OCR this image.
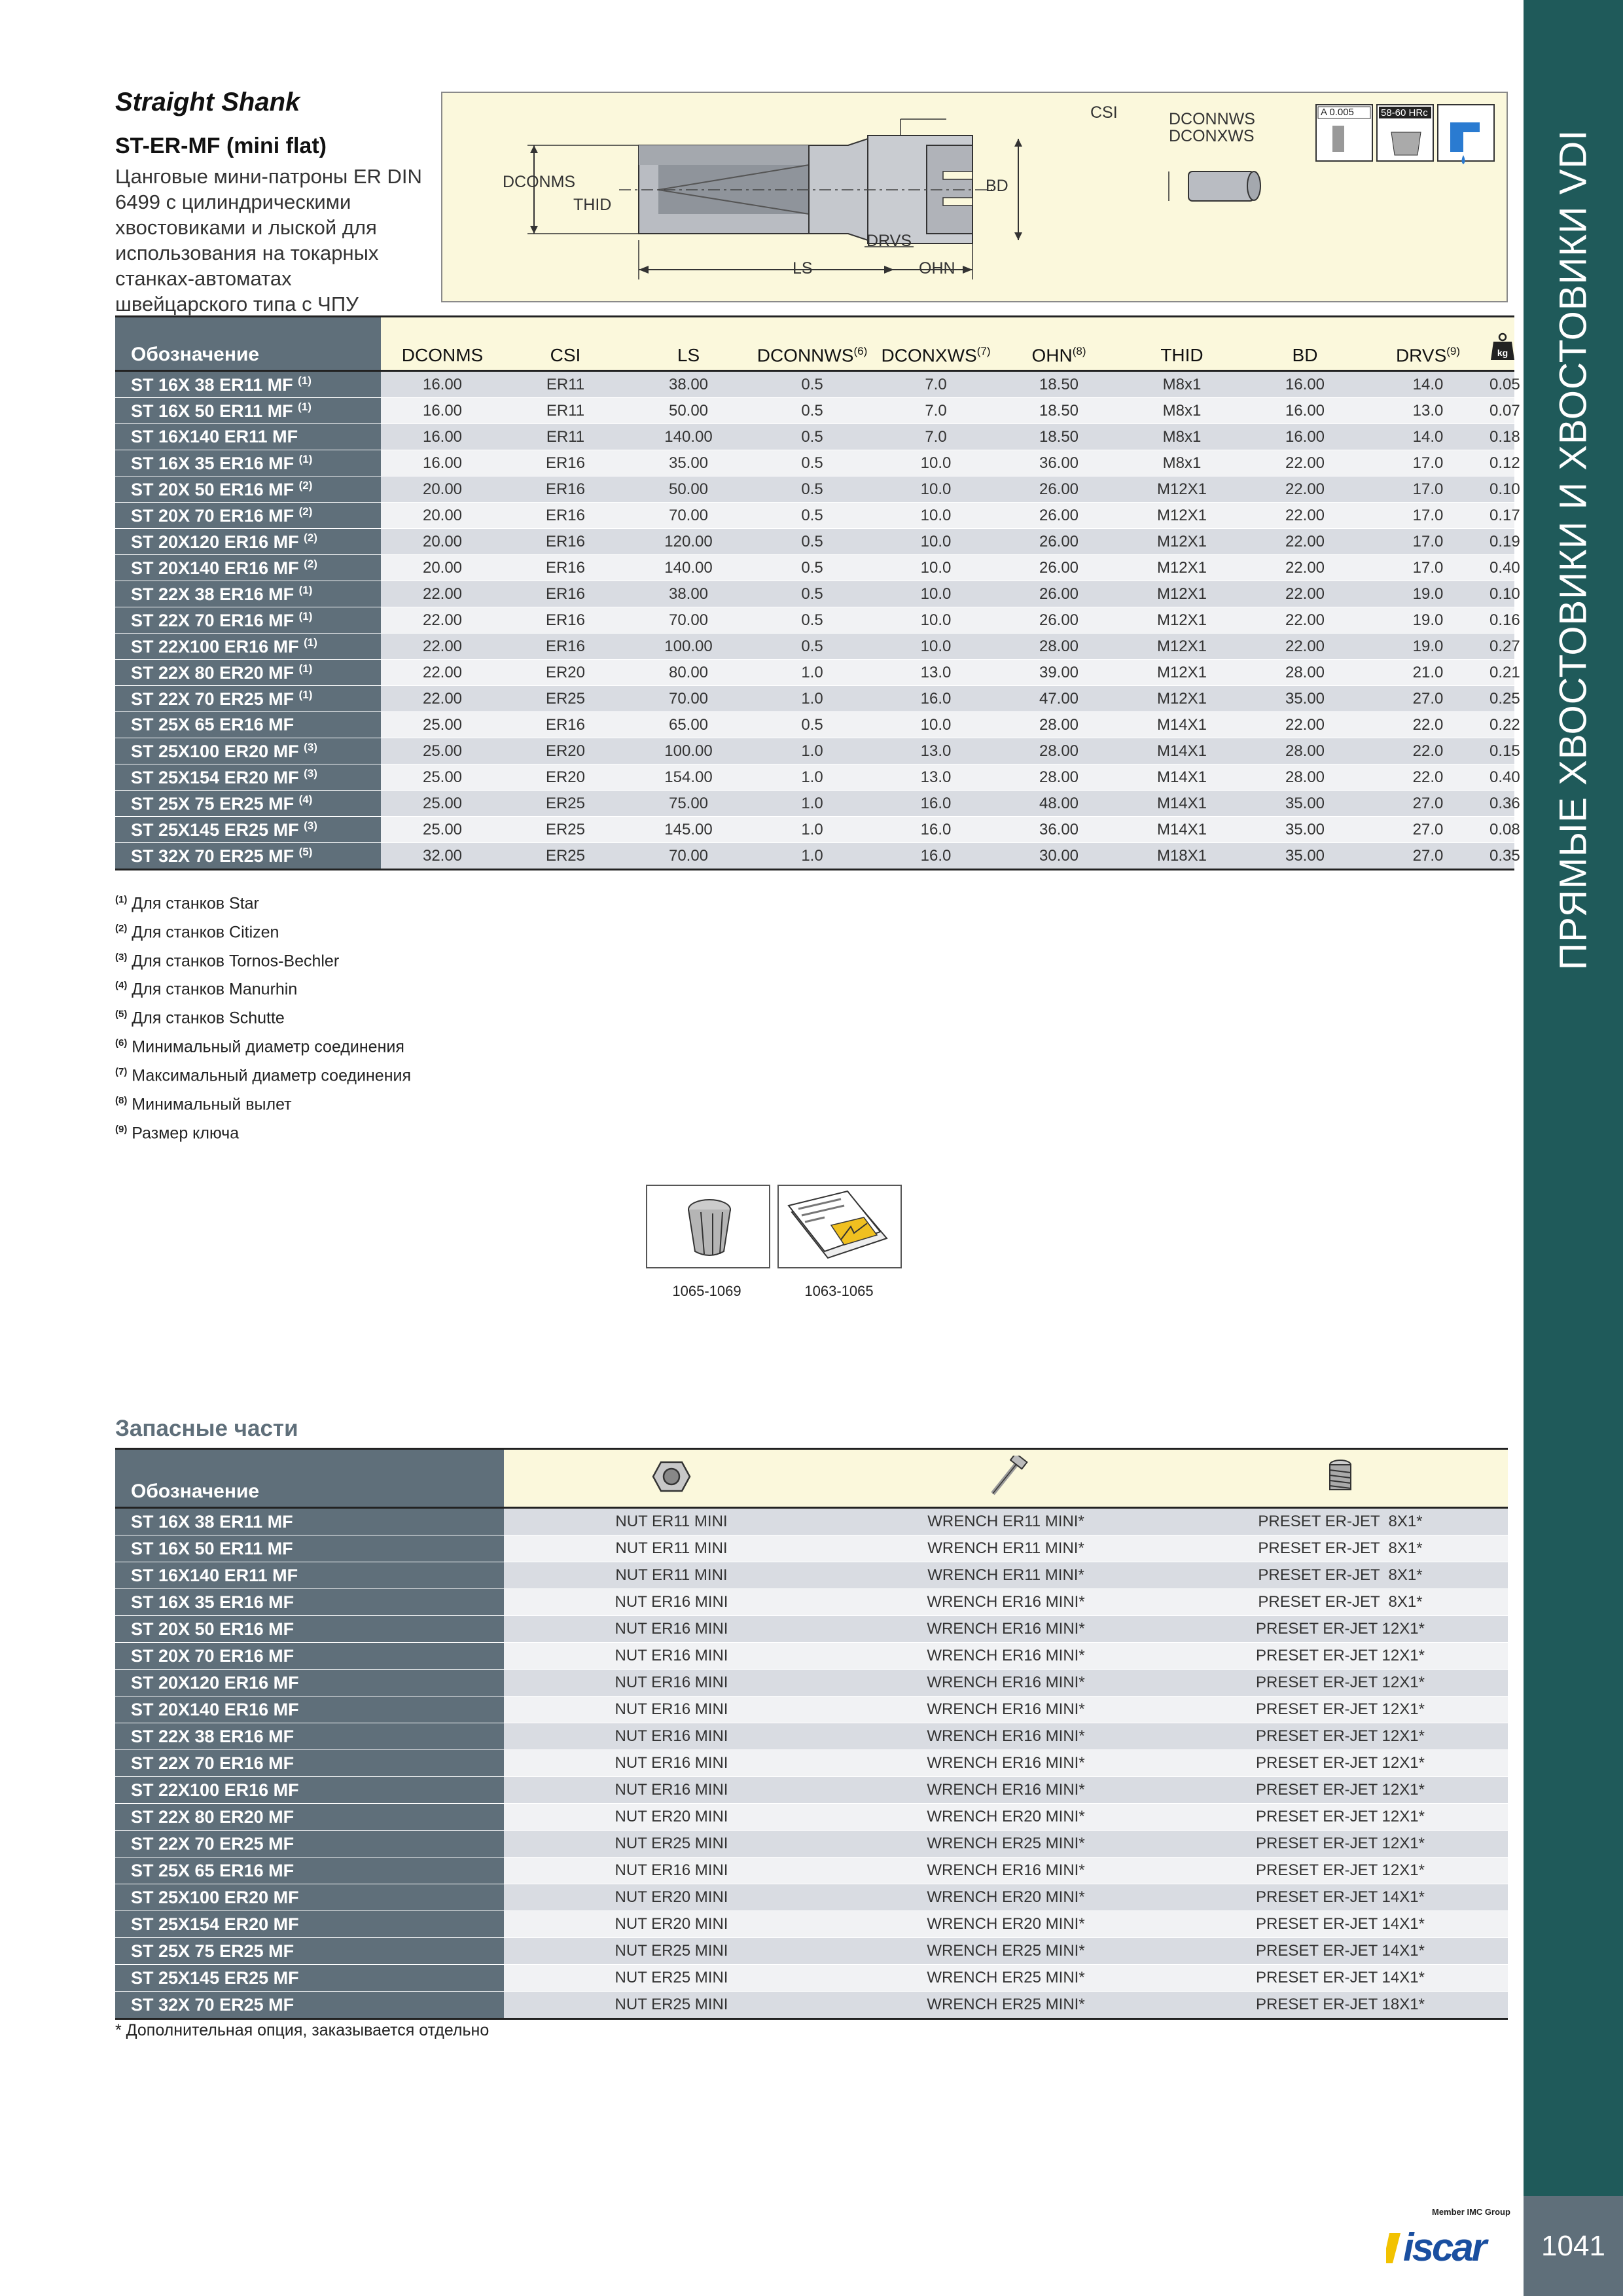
ПРЯМЫЕ ХВОСТОВИКИ И ХВОСТОВИКИ VDI
1041
Straight Shank
ST-ER-MF (mini flat)
Цанговые мини-патроны ER DIN 6499 с цилиндрическими хвостовиками и лыской для использования на токарных станках-автоматах швейцарского типа с ЧПУ
CSI	DCONNWS
DCONXWS
DCONMS
THID
BD
DRVS
LS	OHN
A 0.005	58-60 HRc
Обозначение	DCONMS	CSI	LS	DCONNWS$^{(6)}$	DCONXWS$^{(7)}$	OHN$^{(8)}$	THID	BD	DRVS$^{(9)}$	kg

ST 16X 38 ER11 MF $^{(1)}$	16.00	ER11	38.00	0.5	7.0	18.50	M8x1	16.00	14.0	0.05
ST 16X 50 ER11 MF $^{(1)}$	16.00	ER11	50.00	0.5	7.0	18.50	M8x1	16.00	13.0	0.07
ST 16X140 ER11 MF	16.00	ER11	140.00	0.5	7.0	18.50	M8x1	16.00	14.0	0.18
ST 16X 35 ER16 MF $^{(1)}$	16.00	ER16	35.00	0.5	10.0	36.00	M8x1	22.00	17.0	0.12
ST 20X 50 ER16 MF $^{(2)}$	20.00	ER16	50.00	0.5	10.0	26.00	M12X1	22.00	17.0	0.10
ST 20X 70 ER16 MF $^{(2)}$	20.00	ER16	70.00	0.5	10.0	26.00	M12X1	22.00	17.0	0.17
ST 20X120 ER16 MF $^{(2)}$	20.00	ER16	120.00	0.5	10.0	26.00	M12X1	22.00	17.0	0.19
ST 20X140 ER16 MF $^{(2)}$	20.00	ER16	140.00	0.5	10.0	26.00	M12X1	22.00	17.0	0.40
ST 22X 38 ER16 MF $^{(1)}$	22.00	ER16	38.00	0.5	10.0	26.00	M12X1	22.00	19.0	0.10
ST 22X 70 ER16 MF $^{(1)}$	22.00	ER16	70.00	0.5	10.0	26.00	M12X1	22.00	19.0	0.16
ST 22X100 ER16 MF $^{(1)}$	22.00	ER16	100.00	0.5	10.0	28.00	M12X1	22.00	19.0	0.27
ST 22X 80 ER20 MF $^{(1)}$	22.00	ER20	80.00	1.0	13.0	39.00	M12X1	28.00	21.0	0.21
ST 22X 70 ER25 MF $^{(1)}$	22.00	ER25	70.00	1.0	16.0	47.00	M12X1	35.00	27.0	0.25
ST 25X 65 ER16 MF	25.00	ER16	65.00	0.5	10.0	28.00	M14X1	22.00	22.0	0.22
ST 25X100 ER20 MF $^{(3)}$	25.00	ER20	100.00	1.0	13.0	28.00	M14X1	28.00	22.0	0.15
ST 25X154 ER20 MF $^{(3)}$	25.00	ER20	154.00	1.0	13.0	28.00	M14X1	28.00	22.0	0.40
ST 25X 75 ER25 MF $^{(4)}$	25.00	ER25	75.00	1.0	16.0	48.00	M14X1	35.00	27.0	0.36
ST 25X145 ER25 MF $^{(3)}$	25.00	ER25	145.00	1.0	16.0	36.00	M14X1	35.00	27.0	0.08
ST 32X 70 ER25 MF $^{(5)}$	32.00	ER25	70.00	1.0	16.0	30.00	M18X1	35.00	27.0	0.35
$^{(1)}$ Для станков Star
$^{(2)}$ Для станков Citizen
$^{(3)}$ Для станков Tornos-Bechler
$^{(4)}$ Для станков Manurhin
$^{(5)}$ Для станков Schutte
$^{(6)}$ Минимальный диаметр соединения
$^{(7)}$ Максимальный диаметр соединения
$^{(8)}$ Минимальный вылет
$^{(9)}$ Размер ключа
1065-1069	1063-1065
Запасные части
Обозначение			
ST 16X 38 ER11 MF	NUT ER11 MINI	WRENCH ER11 MINI*	PRESET ER-JET  8X1*
ST 16X 50 ER11 MF	NUT ER11 MINI	WRENCH ER11 MINI*	PRESET ER-JET  8X1*
ST 16X140 ER11 MF	NUT ER11 MINI	WRENCH ER11 MINI*	PRESET ER-JET  8X1*
ST 16X 35 ER16 MF	NUT ER16 MINI	WRENCH ER16 MINI*	PRESET ER-JET  8X1*
ST 20X 50 ER16 MF	NUT ER16 MINI	WRENCH ER16 MINI*	PRESET ER-JET 12X1*
ST 20X 70 ER16 MF	NUT ER16 MINI	WRENCH ER16 MINI*	PRESET ER-JET 12X1*
ST 20X120 ER16 MF	NUT ER16 MINI	WRENCH ER16 MINI*	PRESET ER-JET 12X1*
ST 20X140 ER16 MF	NUT ER16 MINI	WRENCH ER16 MINI*	PRESET ER-JET 12X1*
ST 22X 38 ER16 MF	NUT ER16 MINI	WRENCH ER16 MINI*	PRESET ER-JET 12X1*
ST 22X 70 ER16 MF	NUT ER16 MINI	WRENCH ER16 MINI*	PRESET ER-JET 12X1*
ST 22X100 ER16 MF	NUT ER16 MINI	WRENCH ER16 MINI*	PRESET ER-JET 12X1*
ST 22X 80 ER20 MF	NUT ER20 MINI	WRENCH ER20 MINI*	PRESET ER-JET 12X1*
ST 22X 70 ER25 MF	NUT ER25 MINI	WRENCH ER25 MINI*	PRESET ER-JET 12X1*
ST 25X 65 ER16 MF	NUT ER16 MINI	WRENCH ER16 MINI*	PRESET ER-JET 12X1*
ST 25X100 ER20 MF	NUT ER20 MINI	WRENCH ER20 MINI*	PRESET ER-JET 14X1*
ST 25X154 ER20 MF	NUT ER20 MINI	WRENCH ER20 MINI*	PRESET ER-JET 14X1*
ST 25X 75 ER25 MF	NUT ER25 MINI	WRENCH ER25 MINI*	PRESET ER-JET 14X1*
ST 25X145 ER25 MF	NUT ER25 MINI	WRENCH ER25 MINI*	PRESET ER-JET 14X1*
ST 32X 70 ER25 MF	NUT ER25 MINI	WRENCH ER25 MINI*	PRESET ER-JET 18X1*
* Дополнительная опция, заказывается отдельно
Member IMC Group
iscar
